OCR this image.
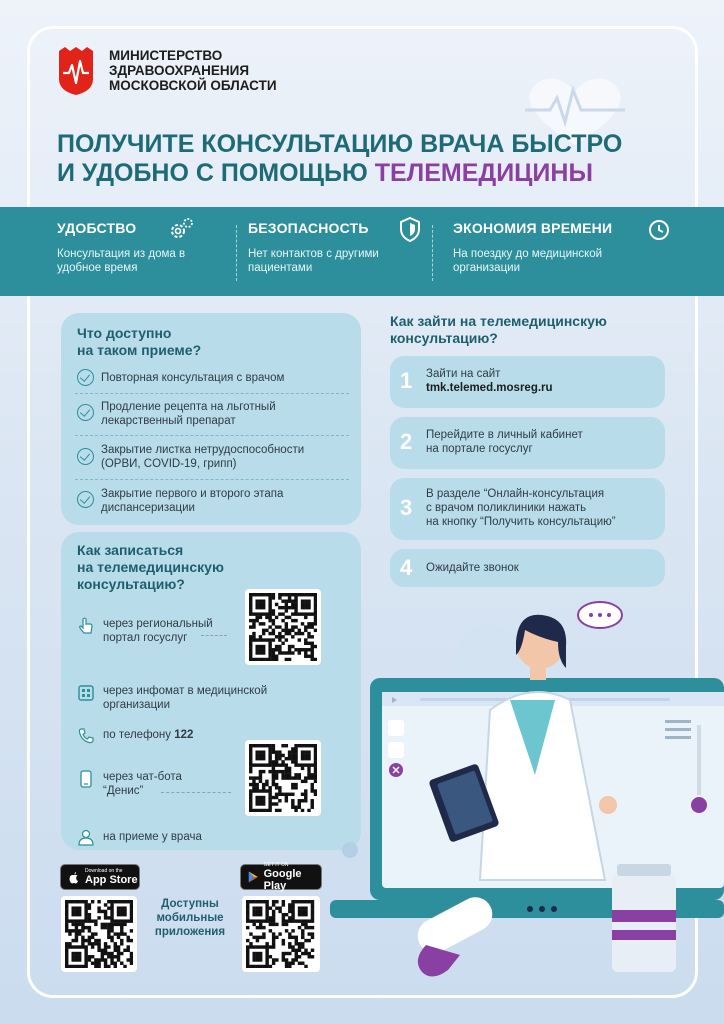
МИНИСТЕРСТВО
ЗДРАВООХРАНЕНИЯ
МОСКОВСКОЙ ОБЛАСТИ
ПОЛУЧИТЕ КОНСУЛЬТАЦИЮ ВРАЧА БЫСТРО
И УДОБНО С ПОМОЩЬЮ ТЕЛЕМЕДИЦИНЫ
УДОБСТВО

Консультация из дома в удобное время

БЕЗОПАСНОСТЬ

Нет контактов с другими пациентами

ЭКОНОМИЯ ВРЕМЕНИ

На поездку до медицинской организации

Что доступно
на таком приеме?
Повторная консультация с врачом
Продление рецепта на льготный
лекарственный препарат
Закрытие листка нетрудоспособности
(ОРВИ, COVID-19, грипп)
Закрытие первого и второго этапа
диспансеризации
Как зайти на телемедицинскую
консультацию?
1 Зайти на сайт
tmk.telemed.mosreg.ru
2 Перейдите в личный кабинет
на портале госуслуг
3
В разделе “Онлайн-консультация
с врачом поликлиники нажать
на кнопку “Получить консультацию”
4 Ожидайте звонок
Как записаться
на телемедицинскую
консультацию?
через региональный
портал госуслуг
через инфомат в медицинской
организации
по телефону 122
через чат-бота
“Денис”
на приеме у врача
Download on the
App Store
GET IT ON
Google Play
Доступны
мобильные
приложения
